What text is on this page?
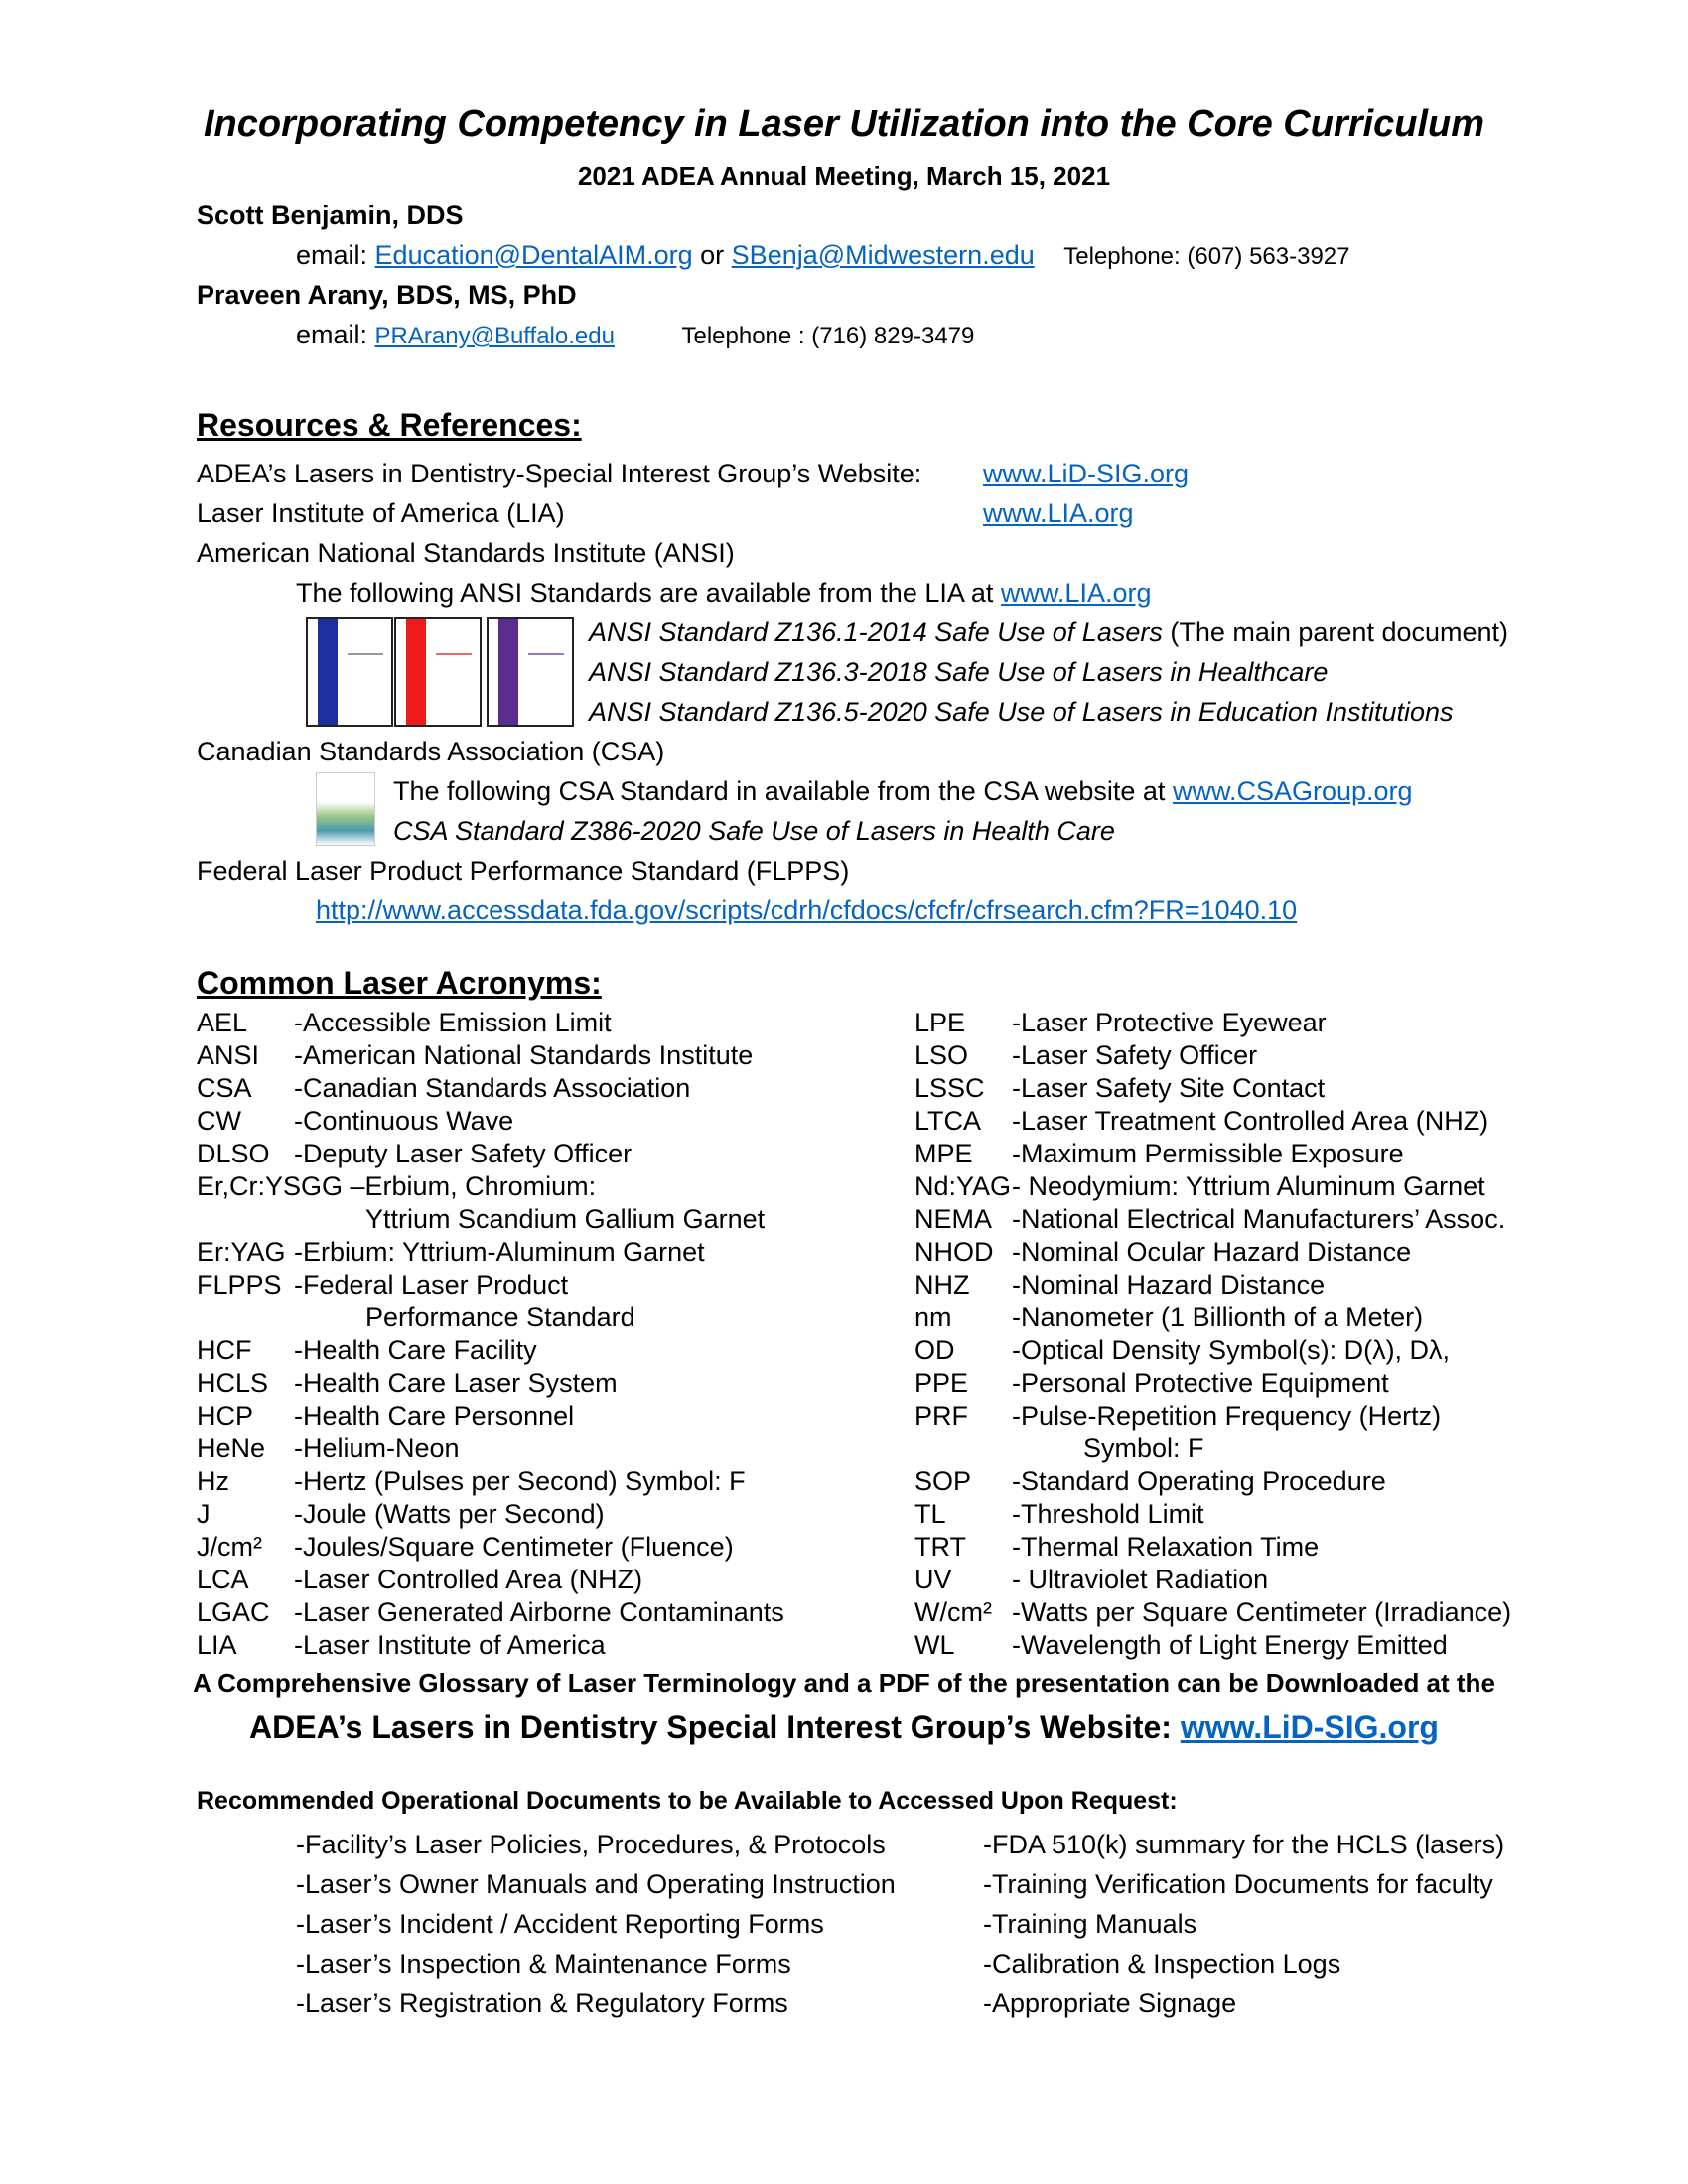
Incorporating Competency in Laser Utilization into the Core Curriculum
2021 ADEA Annual Meeting, March 15, 2021
Scott Benjamin, DDS
email: Education@DentalAIM.org or SBenja@Midwestern.edu Telephone: (607) 563-3927
Praveen Arany, BDS, MS, PhD
email: PRArany@Buffalo.edu	Telephone : (716) 829-3479
Resources & References:
ADEA’s Lasers in Dentistry-Special Interest Group’s Website: www.LiD-SIG.org
Laser Institute of America (LIA)	www.LIA.org
American National Standards Institute (ANSI)
The following ANSI Standards are available from the LIA at www.LIA.org
ANSI Standard Z136.1-2014 Safe Use of Lasers (The main parent document)
ANSI Standard Z136.3-2018 Safe Use of Lasers in Healthcare
ANSI Standard Z136.5-2020 Safe Use of Lasers in Education Institutions
Canadian Standards Association (CSA)
The following CSA Standard in available from the CSA website at www.CSAGroup.org
CSA Standard Z386-2020 Safe Use of Lasers in Health Care
Federal Laser Product Performance Standard (FLPPS)
http://www.accessdata.fda.gov/scripts/cdrh/cfdocs/cfcfr/cfrsearch.cfm?FR=1040.10
Common Laser Acronyms:
AEL -Accessible Emission Limit
ANSI -American National Standards Institute
CSA -Canadian Standards Association
CW -Continuous Wave
DLSO -Deputy Laser Safety Officer
Er,Cr:YSGG –Erbium, Chromium:
Yttrium Scandium Gallium Garnet
Er:YAG -Erbium: Yttrium-Aluminum Garnet
FLPPS -Federal Laser Product
Performance Standard
HCF -Health Care Facility
HCLS -Health Care Laser System
HCP -Health Care Personnel
HeNe -Helium-Neon
Hz -Hertz (Pulses per Second) Symbol: F
J	-Joule (Watts per Second)
J/cm² -Joules/Square Centimeter (Fluence)
LCA -Laser Controlled Area (NHZ)
LGAC -Laser Generated Airborne Contaminants
LIA -Laser Institute of America
LPE -Laser Protective Eyewear
LSO -Laser Safety Officer
LSSC -Laser Safety Site Contact
LTCA -Laser Treatment Controlled Area (NHZ)
MPE -Maximum Permissible Exposure
Nd:YAG- Neodymium: Yttrium Aluminum Garnet
NEMA -National Electrical Manufacturers’ Assoc.
NHOD -Nominal Ocular Hazard Distance
NHZ -Nominal Hazard Distance
nm -Nanometer (1 Billionth of a Meter)
OD -Optical Density Symbol(s): D(λ), Dλ,
PPE -Personal Protective Equipment
PRF -Pulse-Repetition Frequency (Hertz)
Symbol: F
SOP -Standard Operating Procedure
TL -Threshold Limit
TRT -Thermal Relaxation Time
UV - Ultraviolet Radiation
W/cm² -Watts per Square Centimeter (Irradiance)
WL -Wavelength of Light Energy Emitted
A Comprehensive Glossary of Laser Terminology and a PDF of the presentation can be Downloaded at the
ADEA’s Lasers in Dentistry Special Interest Group’s Website: www.LiD-SIG.org
Recommended Operational Documents to be Available to Accessed Upon Request:
-Facility’s Laser Policies, Procedures, & Protocols
-Laser’s Owner Manuals and Operating Instruction
-Laser’s Incident / Accident Reporting Forms
-Laser’s Inspection & Maintenance Forms
-Laser’s Registration & Regulatory Forms
-FDA 510(k) summary for the HCLS (lasers)
-Training Verification Documents for faculty
-Training Manuals
-Calibration & Inspection Logs
-Appropriate Signage
